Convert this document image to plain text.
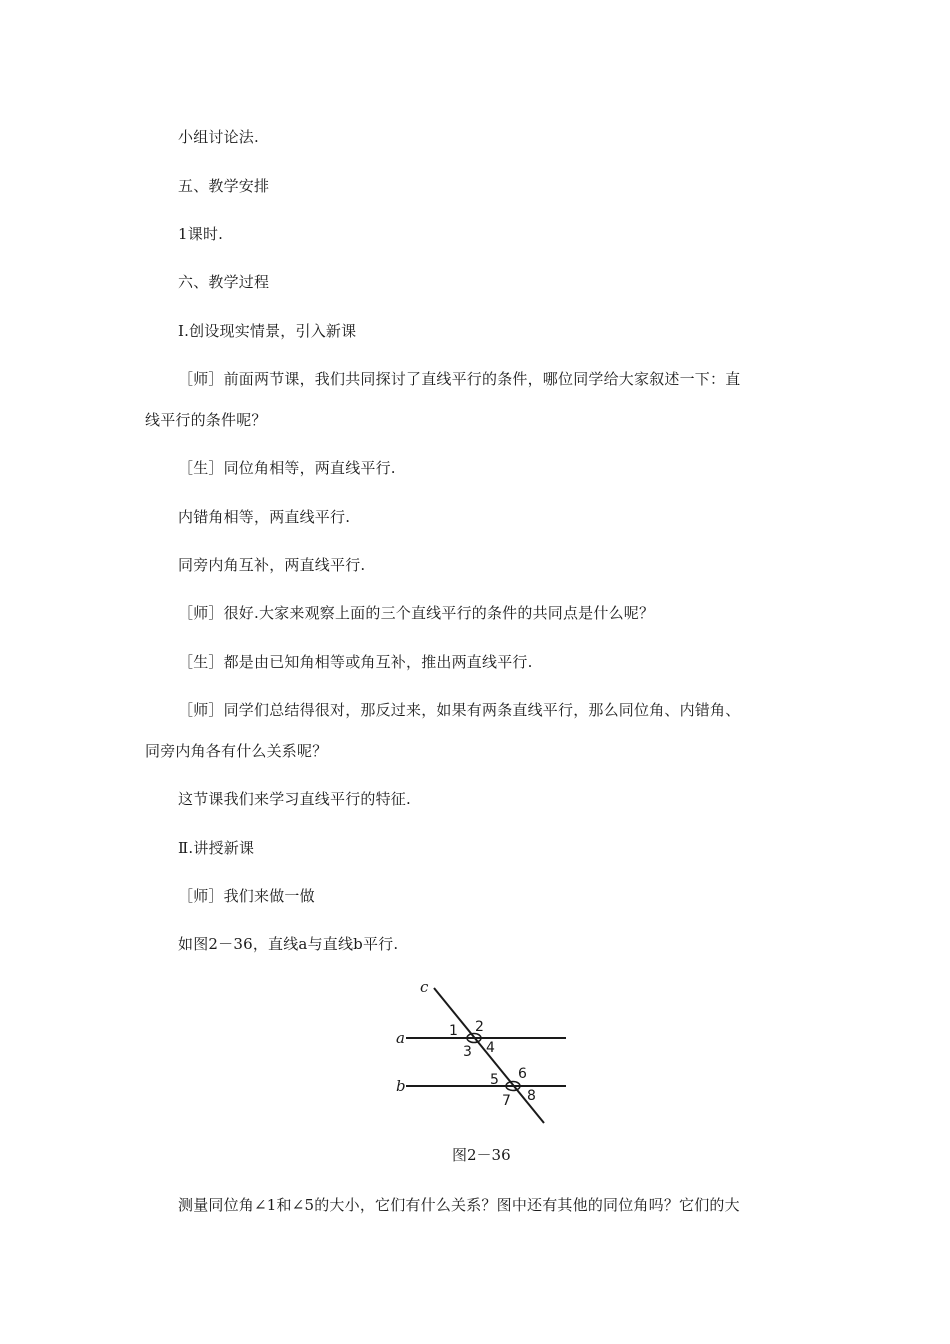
小组讨论法.
五、教学安排
1课时.
六、教学过程
Ⅰ.创设现实情景，引入新课
［师］前面两节课，我们共同探讨了直线平行的条件，哪位同学给大家叙述一下：直
线平行的条件呢？
［生］同位角相等，两直线平行.
内错角相等，两直线平行.
同旁内角互补，两直线平行.
［师］很好.大家来观察上面的三个直线平行的条件的共同点是什么呢？
［生］都是由已知角相等或角互补，推出两直线平行.
［师］同学们总结得很对，那反过来，如果有两条直线平行，那么同位角、内错角、
同旁内角各有什么关系呢？
这节课我们来学习直线平行的特征.
Ⅱ.讲授新课
［师］我们来做一做
如图2－36，直线a与直线b平行.
c
a
b
1 2
3 4
5 6
7 8
图2－36
测量同位角∠1和∠5的大小，它们有什么关系？图中还有其他的同位角吗？它们的大
